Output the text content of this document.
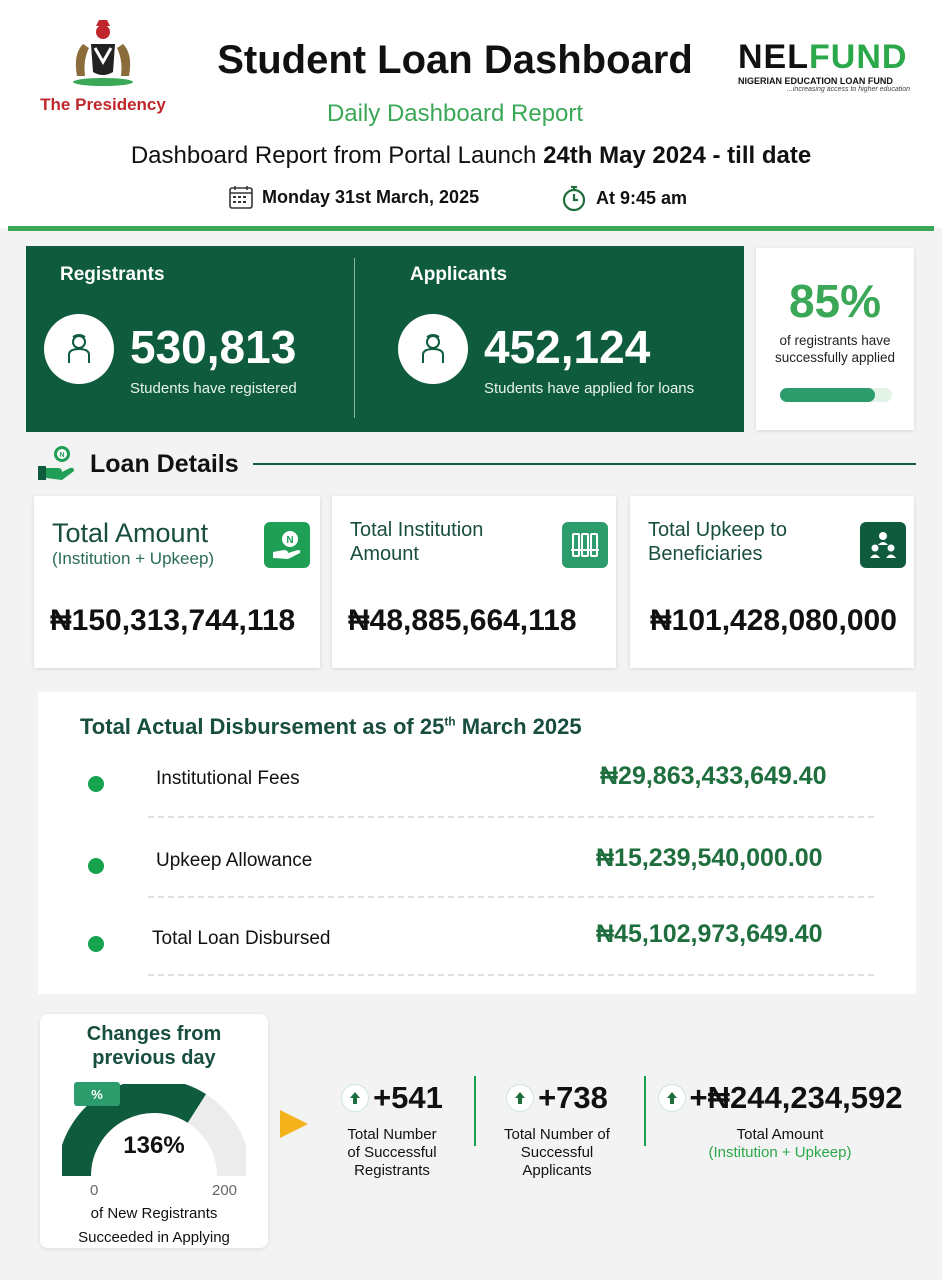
The Presidency
Student Loan Dashboard
Daily Dashboard Report
NELFUND
NIGERIAN EDUCATION LOAN FUND
...increasing access to higher education
Dashboard Report from Portal Launch 24th May 2024 - till date
Monday 31st March, 2025	At 9:45 am
Registrants
530,813
Students have registered
Applicants
452,124
Students have applied for loans
85%
of registrants have
successfully applied
N Loan Details
Total Amount
(Institution + Upkeep)
N
₦150,313,744,118
Total Institution
Amount
₦48,885,664,118
Total Upkeep to
Beneficiaries
₦101,428,080,000
Total Actual Disbursement as of 25th March 2025
Institutional Fees	₦29,863,433,649.40
Upkeep Allowance	₦15,239,540,000.00
Total Loan Disbursed	₦45,102,973,649.40
Changes from
previous day
%
136%
0	200
of New Registrants
Succeeded in Applying
+541
Total Number
of Successful
Registrants
+738
Total Number of
Successful
Applicants
+₦244,234,592
Total Amount
(Institution + Upkeep)
